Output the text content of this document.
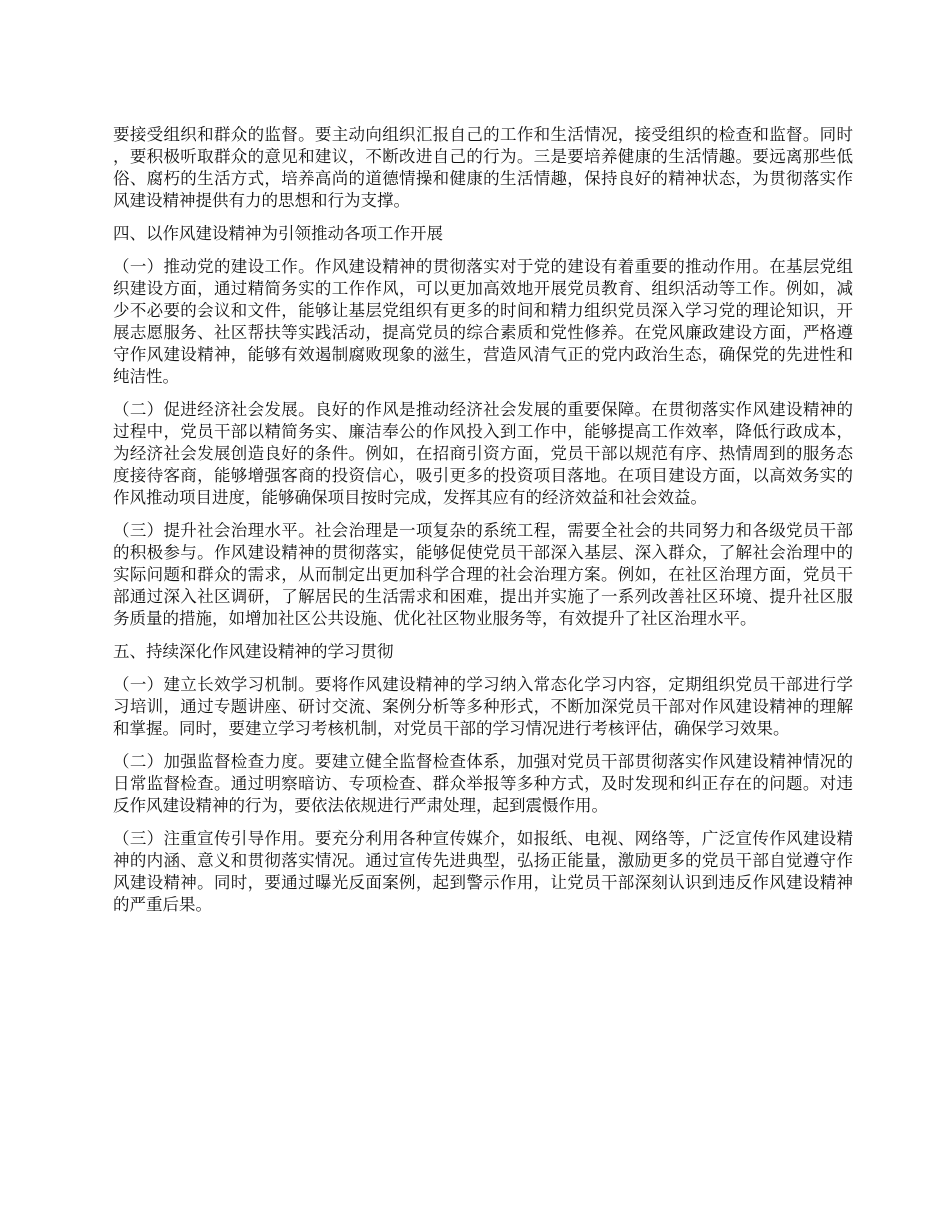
要接受组织和群众的监督。要主动向组织汇报自己的工作和生活情况，接受组织的检查和监督。同时，要积极听取群众的意见和建议，不断改进自己的行为。三是要培养健康的生活情趣。要远离那些低俗、腐朽的生活方式，培养高尚的道德情操和健康的生活情趣，保持良好的精神状态，为贯彻落实作风建设精神提供有力的思想和行为支撑。

四、以作风建设精神为引领推动各项工作开展

（一）推动党的建设工作。作风建设精神的贯彻落实对于党的建设有着重要的推动作用。在基层党组织建设方面，通过精简务实的工作作风，可以更加高效地开展党员教育、组织活动等工作。例如，减少不必要的会议和文件，能够让基层党组织有更多的时间和精力组织党员深入学习党的理论知识，开展志愿服务、社区帮扶等实践活动，提高党员的综合素质和党性修养。在党风廉政建设方面，严格遵守作风建设精神，能够有效遏制腐败现象的滋生，营造风清气正的党内政治生态，确保党的先进性和纯洁性。

（二）促进经济社会发展。良好的作风是推动经济社会发展的重要保障。在贯彻落实作风建设精神的过程中，党员干部以精简务实、廉洁奉公的作风投入到工作中，能够提高工作效率，降低行政成本，为经济社会发展创造良好的条件。例如，在招商引资方面，党员干部以规范有序、热情周到的服务态度接待客商，能够增强客商的投资信心，吸引更多的投资项目落地。在项目建设方面，以高效务实的作风推动项目进度，能够确保项目按时完成，发挥其应有的经济效益和社会效益。

（三）提升社会治理水平。社会治理是一项复杂的系统工程，需要全社会的共同努力和各级党员干部的积极参与。作风建设精神的贯彻落实，能够促使党员干部深入基层、深入群众，了解社会治理中的实际问题和群众的需求，从而制定出更加科学合理的社会治理方案。例如，在社区治理方面，党员干部通过深入社区调研，了解居民的生活需求和困难，提出并实施了一系列改善社区环境、提升社区服务质量的措施，如增加社区公共设施、优化社区物业服务等，有效提升了社区治理水平。

五、持续深化作风建设精神的学习贯彻

（一）建立长效学习机制。要将作风建设精神的学习纳入常态化学习内容，定期组织党员干部进行学习培训，通过专题讲座、研讨交流、案例分析等多种形式，不断加深党员干部对作风建设精神的理解和掌握。同时，要建立学习考核机制，对党员干部的学习情况进行考核评估，确保学习效果。

（二）加强监督检查力度。要建立健全监督检查体系，加强对党员干部贯彻落实作风建设精神情况的日常监督检查。通过明察暗访、专项检查、群众举报等多种方式，及时发现和纠正存在的问题。对违反作风建设精神的行为，要依法依规进行严肃处理，起到震慑作用。

（三）注重宣传引导作用。要充分利用各种宣传媒介，如报纸、电视、网络等，广泛宣传作风建设精神的内涵、意义和贯彻落实情况。通过宣传先进典型，弘扬正能量，激励更多的党员干部自觉遵守作风建设精神。同时，要通过曝光反面案例，起到警示作用，让党员干部深刻认识到违反作风建设精神的严重后果。
